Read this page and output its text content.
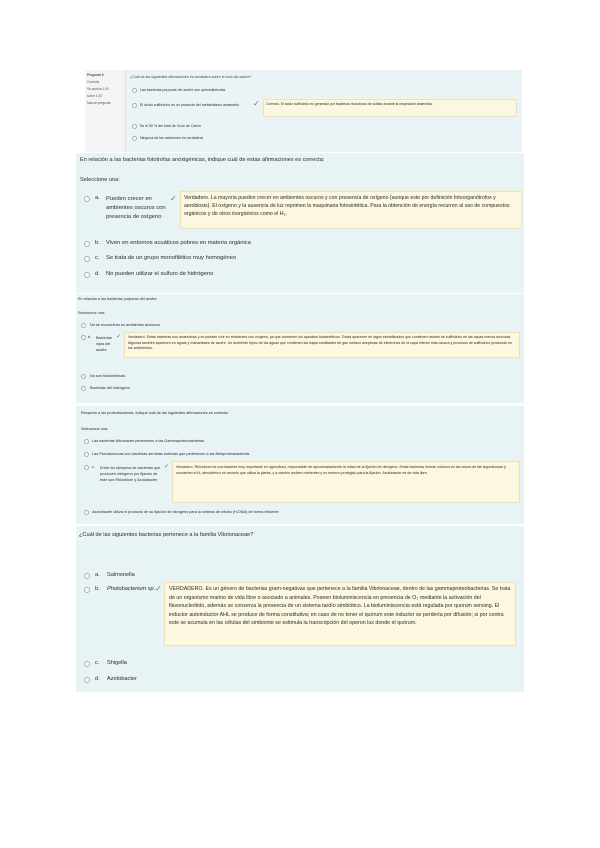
Pregunta 8
Correcta
Se puntúa 1,00
sobre 1,00
Marcar pregunta
¿Cuál de las siguientes afirmaciones es verdadera sobre el ciclo del azufre?
Las bacterias púrpuras del azufre son quimiolitótrofas
El ácido sulfhídrico es un producto del metabolismo anaerobio ✓ Correcto. El ácido sulfhídrico es generado por bacterias reductoras de sulfato durante la respiración anaerobia.
Es el 50 % del total de Ciclo de Calvin
Ninguna de las anteriores es verdadera
En relación a las bacterias fototrofas anoxigénicas, indique cuál de estas afirmaciones es correcta:
Seleccione una:
a. Pueden crecer en ambientes oscuros con presencia de oxígeno
✓ Verdadero. La mayoría pueden crecer en ambientes oscuros y con presencia de oxígeno (aunque este por definición fotoorganótrofos y aerobiosis). El oxígeno y la ausencia de luz reprimen la maquinaria fotosintética. Para la obtención de energía recurren al uso de compuestos orgánicos y de otros inorgánicos como el H₂.
b. Viven en entornos acuáticos pobres en materia orgánica
c. Se trata de un grupo monofilético muy homogéneo
d. No pueden utilizar el sulfuro de hidrógeno
En relación a las bacterias púrpuras del azufre:
Seleccione una:
No se encuentran en ambientes anóxicos
b. Bacterias rojas del azufre
✓ Verdadero. Estas bacterias son anaerobias y se pueden vivir en ambientes con oxígeno, ya que contienen los aparatos fotosintéticos. Todas aparecen en lagos estratificados que contienen niveles de sulfhídrico en las capas menos anóxicas. Algunas también aparecen en aguas y manantiales de azufre. Un ambiente típico de las aguas que contienen las bajas cantidades de gas metano aceptoras de electrones de la capa inferior más oscura y procesos de sulfhídrico producido en los sedimentos.
No son fotosintéticas
Bacterias del hidrógeno
Respecto a las proteobacterias, indique cuál de las siguientes afirmaciones es correcta:
Seleccione una:
Las bacterias Nitrobacter pertenecen a las Gammaproteobacterias
Las Pseudomonas son bacterias aerobias estrictas que pertenecen a las Betaproteobacterias
c. Entre los ejemplos de bacterias que producen nitrógeno por fijación de este son Rhizobium y Azotobacter
✓ Verdadero. Rhizobium es una bacteria muy importante en agricultura, responsable de aproximadamente la mitad de la fijación de nitrógeno. Estas bacterias forman nódulos en las raíces de las leguminosas y convierten el N₂ atmosférico en amonio que utiliza la planta, y a cambio reciben nutrientes y un entorno protegido para la fijación. Azotobacter es de vida libre.
Azotobacter utiliza el producto de su fijación de nitrógeno para la síntesis de nitrato (H-DNA) de forma eficiente
¿Cuál de las siguientes bacterias pertenece a la familia Vibrionaceae?
a. Salmonella
b. Photobacterium sp. ✓ VERDADERO. Es un género de bacterias gram-negativas que pertenece a la familia Vibrionaceae, dentro de las gammaproteobacterias. Se trata de un organismo marino de vida libre o asociado a animales. Poseen bioluminiscencia en presencia de O₂ mediante la activación del flavonucleótido, además se conserva la presencia de un sistema tardío simbiótico. La bioluminiscencia está regulada por quorum sensing. El inductor autoinductor AHL se produce de forma constitutiva; en caso de no tener el quórum este inductor se perdería por difusión; si por contra este se acumula en las células del simbionte se estimula la transcripción del operon lux donde el quórum.
c. Shigella
d. Azotobacter
